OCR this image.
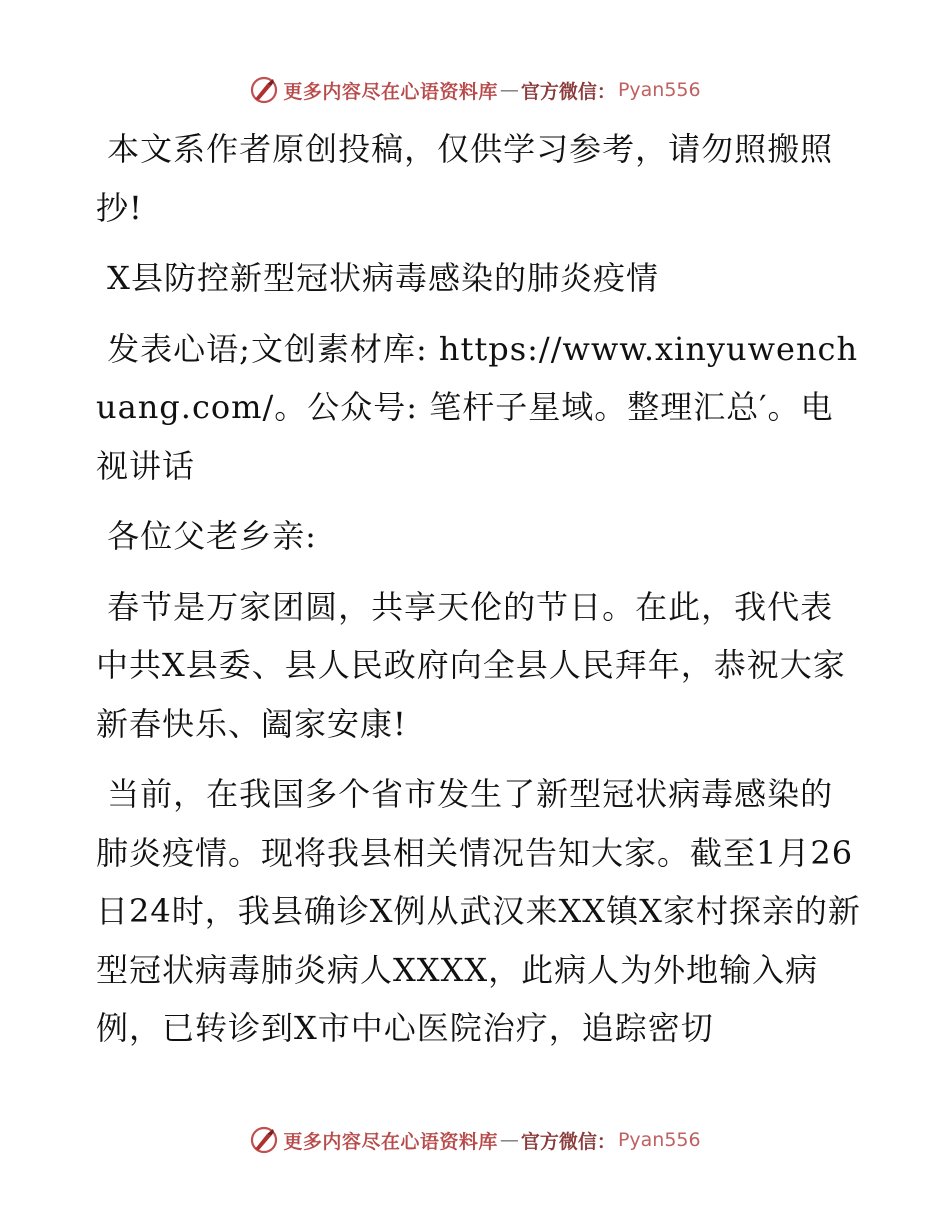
更多内容尽在心语资料库 — 官方微信： Pyan556

本文系作者原创投稿，仅供学习参考，请勿照搬照抄!

X县防控新型冠状病毒感染的肺炎疫情

发表心语;文创素材库: https://www.xinyuwenchuang.com/。公众号: 笔杆子星域。整理汇总′。电视讲话

各位父老乡亲:

春节是万家团圆，共享天伦的节日。在此，我代表中共X县委、县人民政府向全县人民拜年，恭祝大家新春快乐、阖家安康!

当前，在我国多个省市发生了新型冠状病毒感染的肺炎疫情。现将我县相关情况告知大家。截至1月26日24时，我县确诊X例从武汉来XX镇X家村探亲的新型冠状病毒肺炎病人XXXX，此病人为外地输入病例，已转诊到X市中心医院治疗，追踪密切

更多内容尽在心语资料库 — 官方微信： Pyan556
